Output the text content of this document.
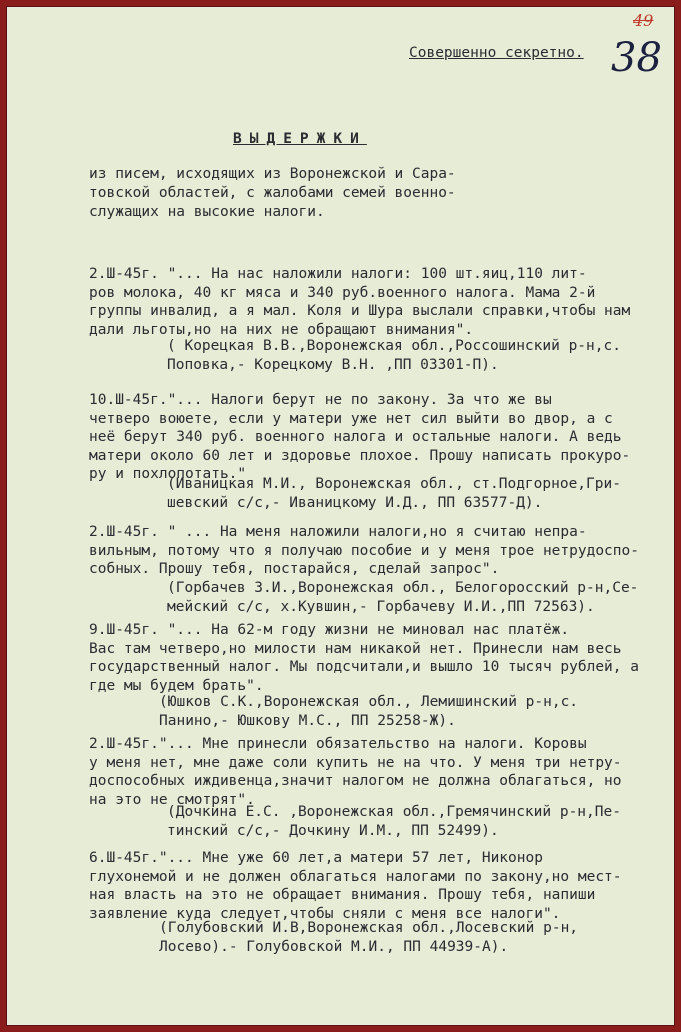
Совершенно секретно.
49
38
ВЫДЕРЖКИ
из писем, исходящих из Воронежской и Сара-
товской областей, с жалобами семей военно-
служащих на высокие налоги.
2.Ш-45г. "... На нас наложили налоги: 100 шт.яиц,110 лит-
ров молока, 40 кг мяса и 340 руб.военного налога. Мама 2-й
группы инвалид, а я мал. Коля и Шура выслали справки,чтобы нам
дали льготы,но на них не обращают внимания".
( Корецкая В.В.,Воронежская обл.,Россошинский р-н,с.
Поповка,- Корецкому В.Н. ,ПП 03301-П).
10.Ш-45г."... Налоги берут не по закону. За что же вы
четверо воюете, если у матери уже нет сил выйти во двор, а с
неё берут 340 руб. военного налога и остальные налоги. А ведь
матери около 60 лет и здоровье плохое. Прошу написать прокуро-
ру и похлопотать."
(Иваницкая М.И., Воронежская обл., ст.Подгорное,Гри-
шевский с/с,- Иваницкому И.Д., ПП 63577-Д).
2.Ш-45г. " ... На меня наложили налоги,но я считаю непра-
вильным, потому что я получаю пособие и у меня трое нетрудоспо-
собных. Прошу тебя, постарайся, сделай запрос".
(Горбачев З.И.,Воронежская обл., Белогоросский р-н,Се-
мейский с/с, х.Кувшин,- Горбачеву И.И.,ПП 72563).
9.Ш-45г. "... На 62-м году жизни не миновал нас платёж.
Вас там четверо,но милости нам никакой нет. Принесли нам весь
государственный налог. Мы подсчитали,и вышло 10 тысяч рублей, а
где мы будем брать".
(Юшков С.К.,Воронежская обл., Лемишинский р-н,с.
Панино,- Юшкову М.С., ПП 25258-Ж).
2.Ш-45г."... Мне принесли обязательство на налоги. Коровы
у меня нет, мне даже соли купить не на что. У меня три нетру-
доспособных иждивенца,значит налогом не должна облагаться, но
на это не смотрят".
(Дочкина Е.С. ,Воронежская обл.,Гремячинский р-н,Пе-
тинский с/с,- Дочкину И.М., ПП 52499).
6.Ш-45г."... Мне уже 60 лет,а матери 57 лет, Никонор
глухонемой и не должен облагаться налогами по закону,но мест-
ная власть на это не обращает внимания. Прошу тебя, напиши
заявление куда следует,чтобы сняли с меня все налоги".
(Голубовский И.В,Воронежская обл.,Лосевский р-н,
Лосево).- Голубовской М.И., ПП 44939-А).
